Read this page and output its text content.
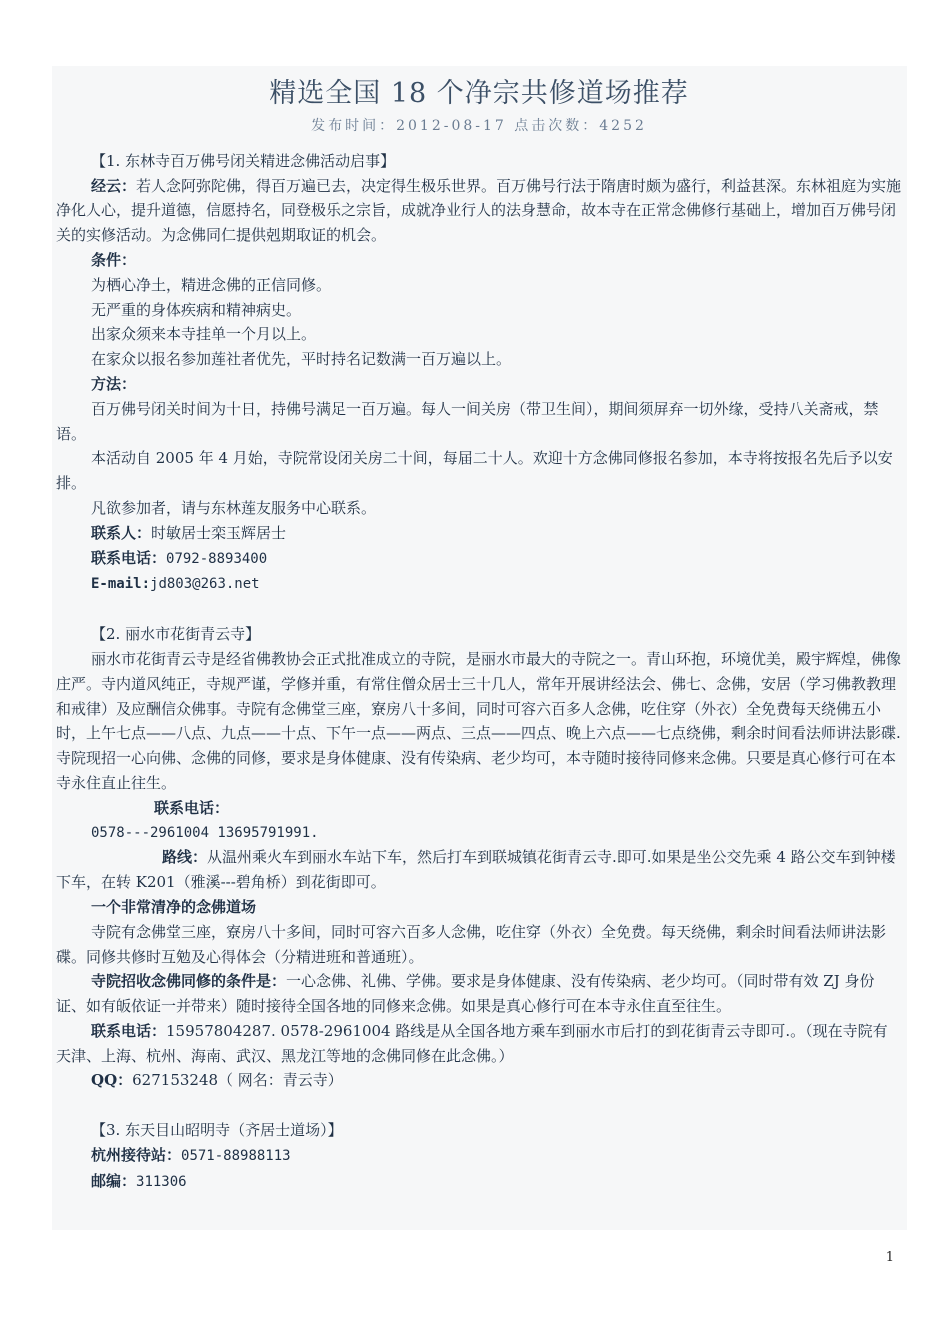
精选全国 18 个净宗共修道场推荐
发布时间：2012-08-17 点击次数：4252

【1. 东林寺百万佛号闭关精进念佛活动启事】

经云：若人念阿弥陀佛，得百万遍已去，决定得生极乐世界。百万佛号行法于隋唐时颇为盛行，利益甚深。东林祖庭为实施净化人心，提升道德，信愿持名，同登极乐之宗旨，成就净业行人的法身慧命，故本寺在正常念佛修行基础上，增加百万佛号闭关的实修活动。为念佛同仁提供剋期取证的机会。

条件：

为栖心净土，精进念佛的正信同修。

无严重的身体疾病和精神病史。

出家众须来本寺挂单一个月以上。

在家众以报名参加莲社者优先，平时持名记数满一百万遍以上。

方法：

百万佛号闭关时间为十日，持佛号满足一百万遍。每人一间关房（带卫生间），期间须屏弃一切外缘，受持八关斋戒，禁语。

本活动自 2005 年 4 月始，寺院常设闭关房二十间，每届二十人。欢迎十方念佛同修报名参加，本寺将按报名先后予以安排。

凡欲参加者，请与东林莲友服务中心联系。

联系人：时敏居士栾玉辉居士

联系电话：0792-8893400

E-mail:jd803@263.net

【2. 丽水市花街青云寺】

丽水市花街青云寺是经省佛教协会正式批准成立的寺院，是丽水市最大的寺院之一。青山环抱，环境优美，殿宇辉煌，佛像庄严。寺内道风纯正，寺规严谨，学修并重，有常住僧众居士三十几人，常年开展讲经法会、佛七、念佛，安居（学习佛教教理和戒律）及应酬信众佛事。寺院有念佛堂三座，寮房八十多间，同时可容六百多人念佛，吃住穿（外衣）全免费每天绕佛五小时，上午七点——八点、九点——十点、下午一点——两点、三点——四点、晚上六点——七点绕佛，剩余时间看法师讲法影碟.寺院现招一心向佛、念佛的同修，要求是身体健康、没有传染病、老少均可，本寺随时接待同修来念佛。只要是真心修行可在本寺永住直止往生。

联系电话：

0578---2961004 13695791991.

路线：从温州乘火车到丽水车站下车，然后打车到联城镇花街青云寺.即可.如果是坐公交先乘 4 路公交车到钟楼下车，在转 K201（雅溪---碧角桥）到花街即可。

一个非常清净的念佛道场

寺院有念佛堂三座，寮房八十多间，同时可容六百多人念佛，吃住穿（外衣）全免费。每天绕佛，剩余时间看法师讲法影碟。同修共修时互勉及心得体会（分精进班和普通班）。

寺院招收念佛同修的条件是：一心念佛、礼佛、学佛。要求是身体健康、没有传染病、老少均可。（同时带有效 ZJ 身份证、如有皈依证一并带来）随时接待全国各地的同修来念佛。如果是真心修行可在本寺永住直至往生。

联系电话：15957804287. 0578-2961004 路线是从全国各地方乘车到丽水市后打的到花街青云寺即可.。（现在寺院有天津、上海、杭州、海南、武汉、黑龙江等地的念佛同修在此念佛。）

QQ：627153248（ 网名：青云寺）

【3. 东天目山昭明寺（齐居士道场）】

杭州接待站：0571-88988113

邮编：311306

1
